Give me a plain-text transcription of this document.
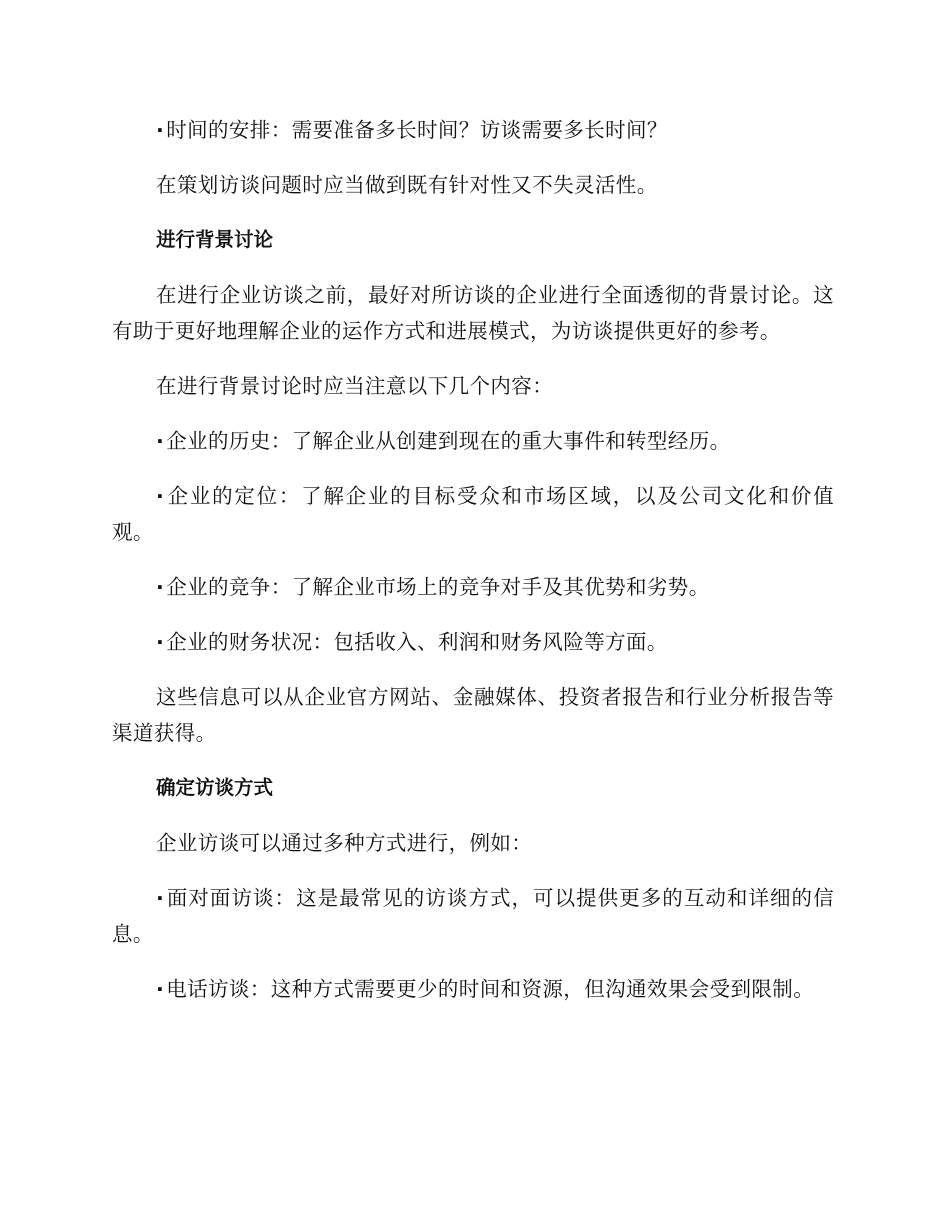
·时间的安排：需要准备多长时间？访谈需要多长时间？

在策划访谈问题时应当做到既有针对性又不失灵活性。

进行背景讨论

在进行企业访谈之前，最好对所访谈的企业进行全面透彻的背景讨论。这有助于更好地理解企业的运作方式和进展模式，为访谈提供更好的参考。

在进行背景讨论时应当注意以下几个内容：

·企业的历史：了解企业从创建到现在的重大事件和转型经历。

·企业的定位：了解企业的目标受众和市场区域，以及公司文化和价值观。

·企业的竞争：了解企业市场上的竞争对手及其优势和劣势。

·企业的财务状况：包括收入、利润和财务风险等方面。

这些信息可以从企业官方网站、金融媒体、投资者报告和行业分析报告等渠道获得。

确定访谈方式

企业访谈可以通过多种方式进行，例如：

·面对面访谈：这是最常见的访谈方式，可以提供更多的互动和详细的信息。

·电话访谈：这种方式需要更少的时间和资源，但沟通效果会受到限制。
